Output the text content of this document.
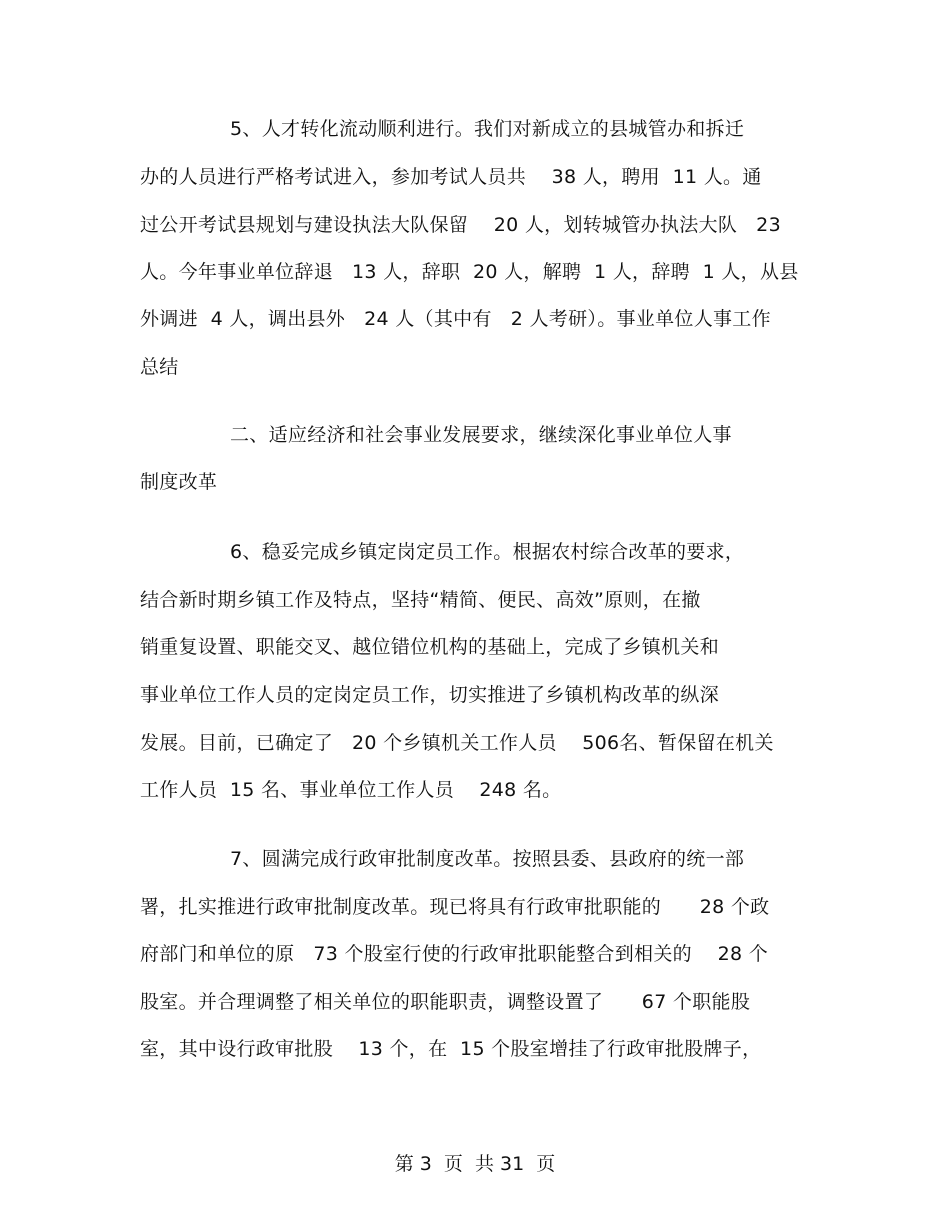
5、人才转化流动顺利进行。我们对新成立的县城管办和拆迁
办的人员进行严格考试进入，参加考试人员共　 38 人，聘用  11 人。通
过公开考试县规划与建设执法大队保留　 20 人，划转城管办执法大队   23
人。今年事业单位辞退   13 人，辞职  20 人，解聘  1 人，辞聘  1 人，从县
外调进  4 人，调出县外   24 人（其中有   2 人考研）。事业单位人事工作
总结
二、适应经济和社会事业发展要求，继续深化事业单位人事
制度改革
6、稳妥完成乡镇定岗定员工作。根据农村综合改革的要求，
结合新时期乡镇工作及特点，坚持“精简、便民、高效”原则，在撤
销重复设置、职能交叉、越位错位机构的基础上，完成了乡镇机关和
事业单位工作人员的定岗定员工作，切实推进了乡镇机构改革的纵深
发展。目前，已确定了   20 个乡镇机关工作人员    506名、暂保留在机关
工作人员  15 名、事业单位工作人员    248 名。
7、圆满完成行政审批制度改革。按照县委、县政府的统一部
署，扎实推进行政审批制度改革。现已将具有行政审批职能的　　28 个政
府部门和单位的原   73 个股室行使的行政审批职能整合到相关的　 28 个
股室。并合理调整了相关单位的职能职责，调整设置了　　67 个职能股
室，其中设行政审批股    13 个，在  15 个股室增挂了行政审批股牌子，
第 3  页  共 31  页
